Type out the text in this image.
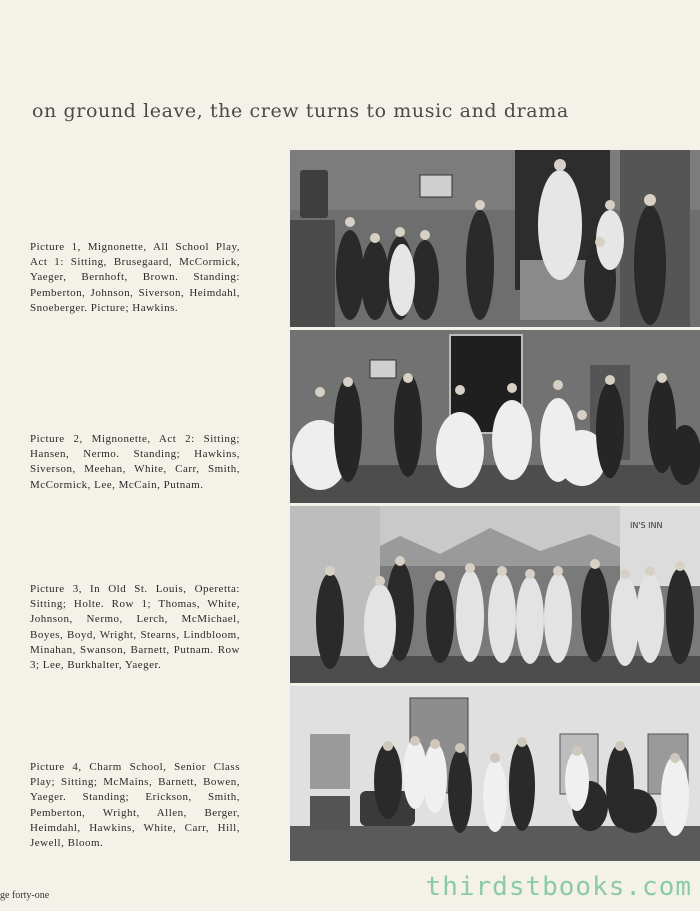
on ground leave, the crew turns to music and drama
Picture 1, Mignonette, All School Play, Act 1: Sitting, Brusegaard, McCormick, Yaeger, Bernhoft, Brown. Standing: Pemberton, Johnson, Siverson, Heimdahl, Snoeberger. Picture; Hawkins.
Picture 2, Mignonette, Act 2: Sitting; Hansen, Nermo. Standing; Hawkins, Siverson, Meehan, White, Carr, Smith, McCormick, Lee, McCain, Putnam.
Picture 3, In Old St. Louis, Operetta: Sitting; Holte. Row 1; Thomas, White, Johnson, Nermo, Lerch, McMichael, Boyes, Boyd, Wright, Stearns, Lindbloom, Minahan, Swanson, Barnett, Putnam. Row 3; Lee, Burkhalter, Yaeger.
Picture 4, Charm School, Senior Class Play; Sitting; McMains, Barnett, Bowen, Yaeger. Standing; Erickson, Smith, Pemberton, Wright, Allen, Berger, Heimdahl, Hawkins, White, Carr, Hill, Jewell, Bloom.
IN'S INN
ge forty-one	thirdstbooks.com
